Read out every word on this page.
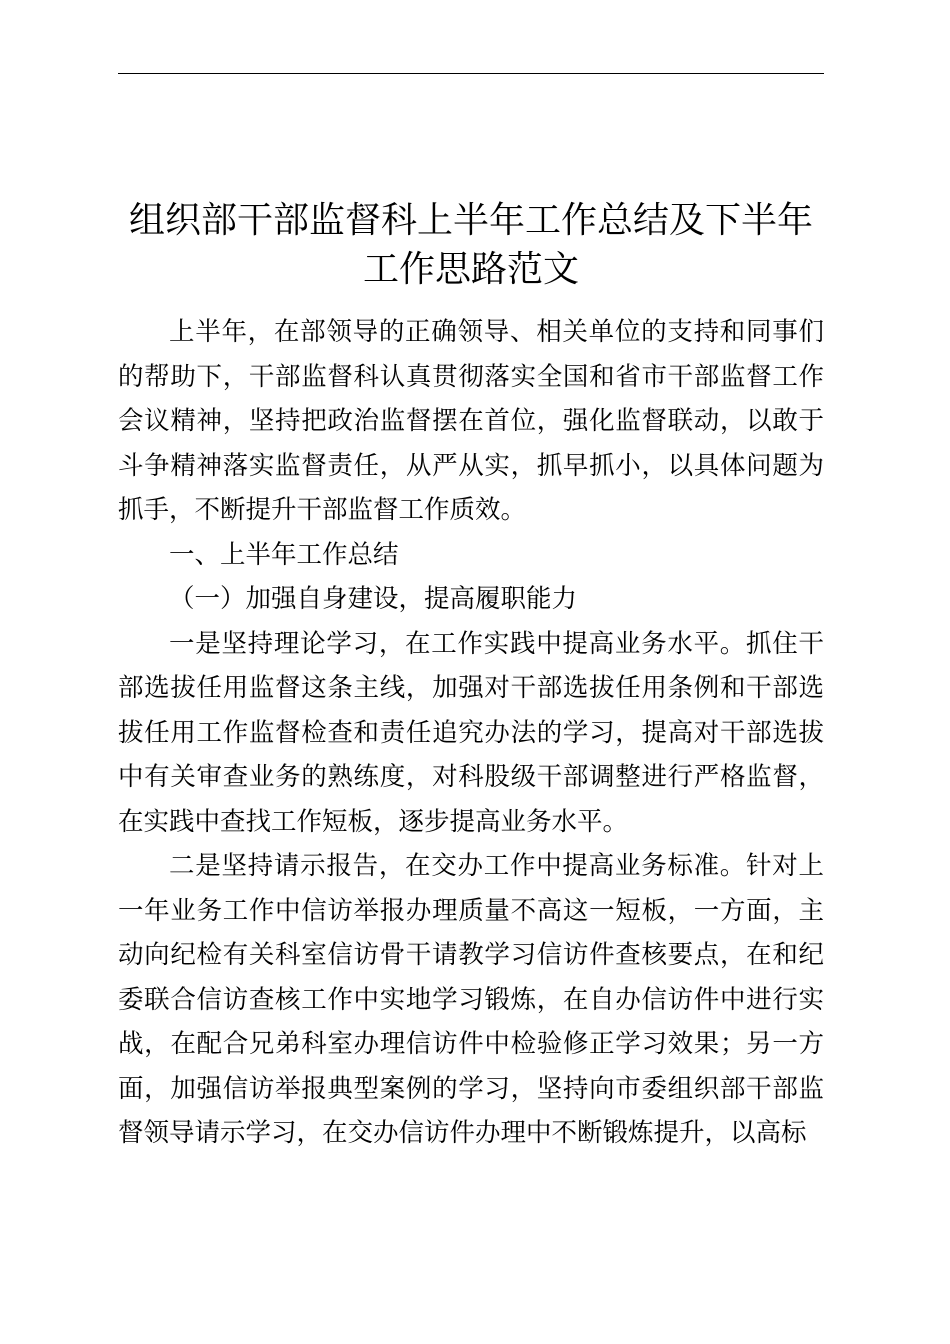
组织部干部监督科上半年工作总结及下半年工作思路范文

上半年，在部领导的正确领导、相关单位的支持和同事们的帮助下，干部监督科认真贯彻落实全国和省市干部监督工作会议精神，坚持把政治监督摆在首位，强化监督联动，以敢于斗争精神落实监督责任，从严从实，抓早抓小，以具体问题为抓手，不断提升干部监督工作质效。

一、上半年工作总结

（一）加强自身建设，提高履职能力

一是坚持理论学习，在工作实践中提高业务水平。抓住干部选拔任用监督这条主线，加强对干部选拔任用条例和干部选拔任用工作监督检查和责任追究办法的学习，提高对干部选拔中有关审查业务的熟练度，对科股级干部调整进行严格监督，在实践中查找工作短板，逐步提高业务水平。

二是坚持请示报告，在交办工作中提高业务标准。针对上一年业务工作中信访举报办理质量不高这一短板，一方面，主动向纪检有关科室信访骨干请教学习信访件查核要点，在和纪委联合信访查核工作中实地学习锻炼，在自办信访件中进行实战，在配合兄弟科室办理信访件中检验修正学习效果；另一方面，加强信访举报典型案例的学习，坚持向市委组织部干部监督领导请示学习，在交办信访件办理中不断锻炼提升，以高标
